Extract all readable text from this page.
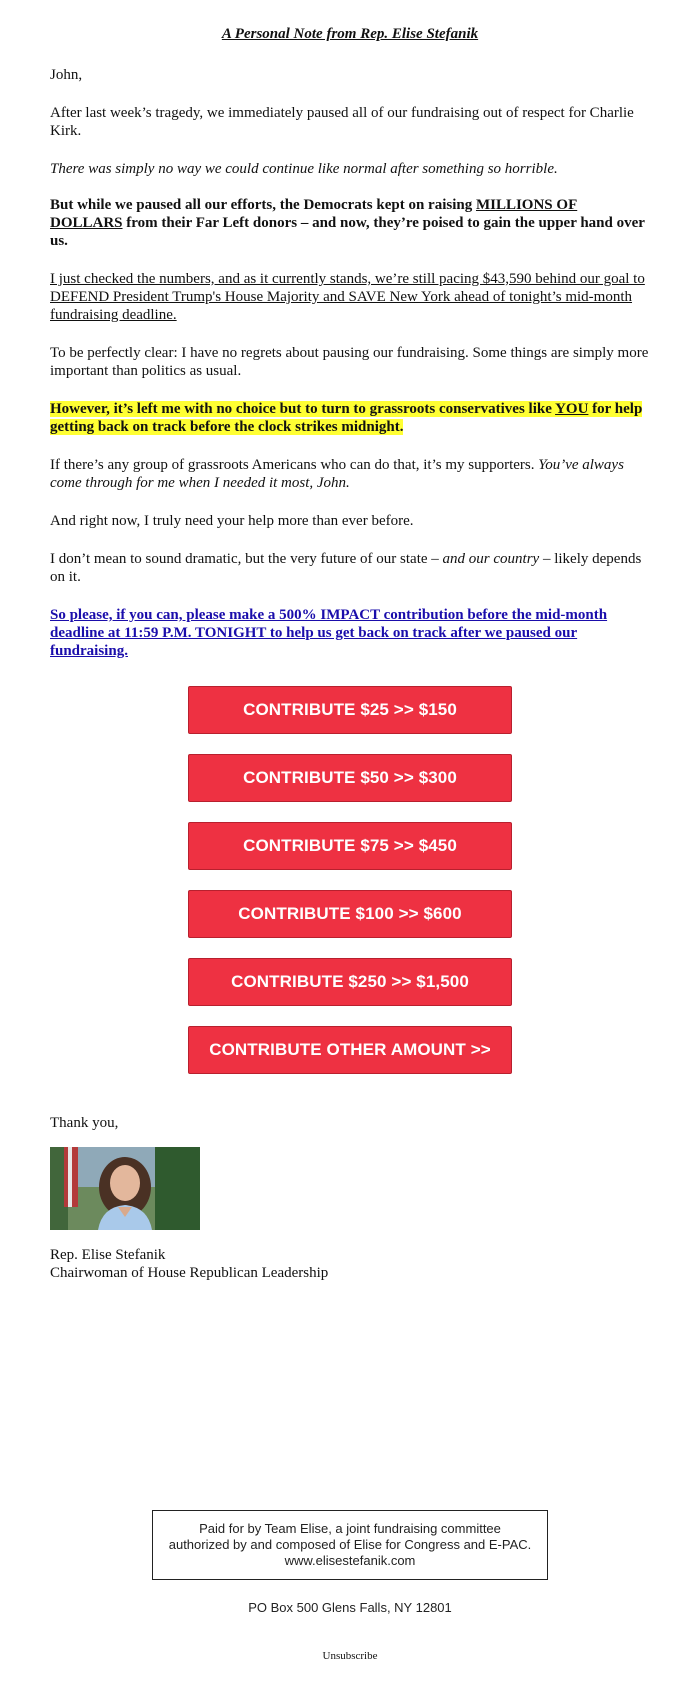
A Personal Note from Rep. Elise Stefanik

John,

After last week’s tragedy, we immediately paused all of our fundraising out of respect for Charlie Kirk.

There was simply no way we could continue like normal after something so horrible.

But while we paused all our efforts, the Democrats kept on raising MILLIONS OF DOLLARS from their Far Left donors – and now, they’re poised to gain the upper hand over us.

I just checked the numbers, and as it currently stands, we’re still pacing $43,590 behind our goal to DEFEND President Trump's House Majority and SAVE New York ahead of tonight’s mid-month fundraising deadline.

To be perfectly clear: I have no regrets about pausing our fundraising. Some things are simply more important than politics as usual.

However, it’s left me with no choice but to turn to grassroots conservatives like YOU for help getting back on track before the clock strikes midnight.

If there’s any group of grassroots Americans who can do that, it’s my supporters. You’ve always come through for me when I needed it most, John.

And right now, I truly need your help more than ever before.

I don’t mean to sound dramatic, but the very future of our state – and our country – likely depends on it.

So please, if you can, please make a 500% IMPACT contribution before the mid-month deadline at 11:59 P.M. TONIGHT to help us get back on track after we paused our fundraising.

CONTRIBUTE $25 >> $150
CONTRIBUTE $50 >> $300
CONTRIBUTE $75 >> $450
CONTRIBUTE $100 >> $600
CONTRIBUTE $250 >> $1,500
CONTRIBUTE OTHER AMOUNT >>

Thank you,

Rep. Elise Stefanik

Chairwoman of House Republican Leadership

Paid for by Team Elise, a joint fundraising committee authorized by and composed of Elise for Congress and E-PAC. www.elisestefanik.com
PO Box 500 Glens Falls, NY 12801
Unsubscribe
